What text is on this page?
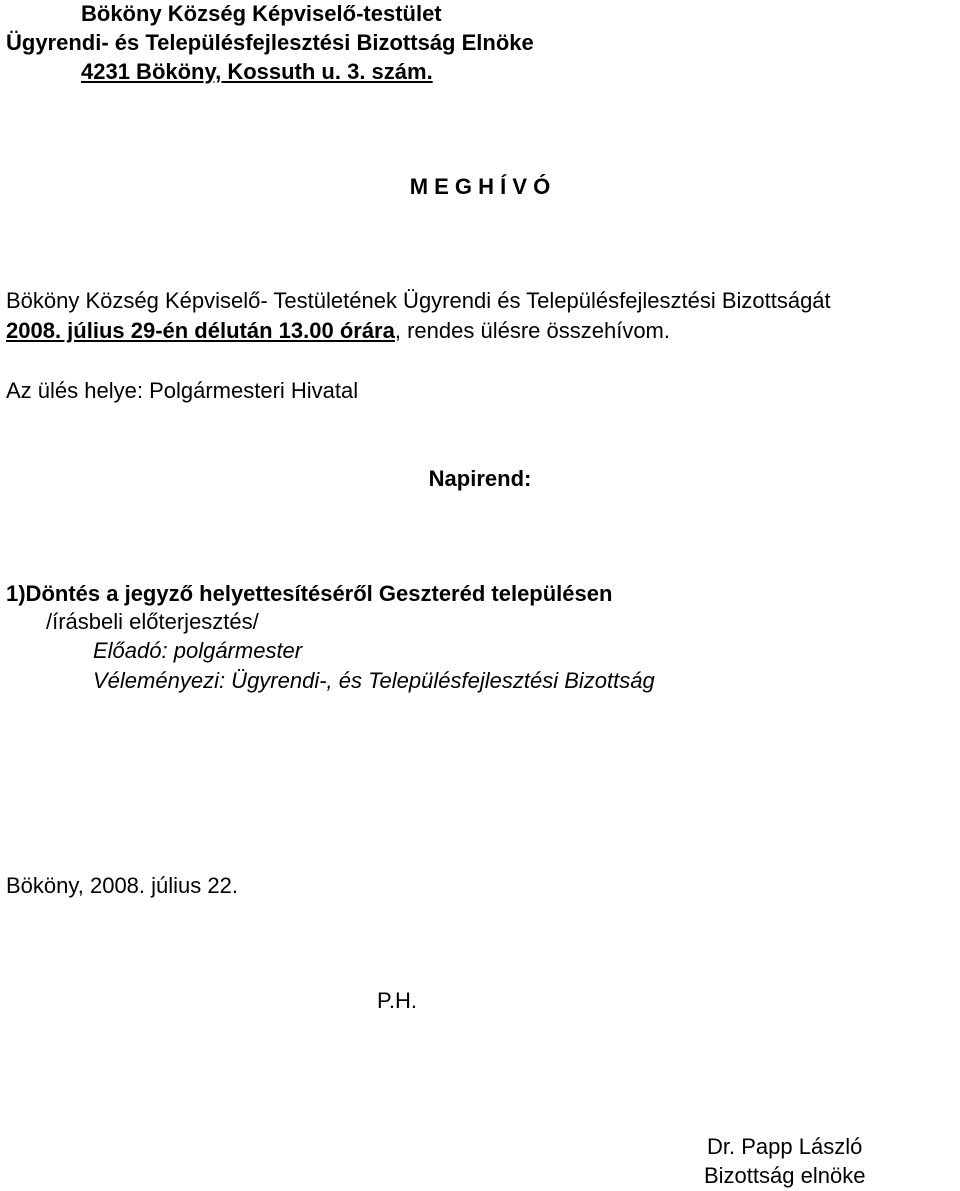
Bököny Község Képviselő-testület
Ügyrendi- és Településfejlesztési Bizottság Elnöke
4231 Bököny, Kossuth u. 3. szám.
M E G H Í V Ó
Bököny Község Képviselő- Testületének Ügyrendi és Településfejlesztési Bizottságát
2008. július 29-én délután 13.00 órára, rendes ülésre összehívom.
Az ülés helye: Polgármesteri Hivatal
Napirend:
1)Döntés a jegyző helyettesítéséről Geszteréd településen
/írásbeli előterjesztés/
Előadó: polgármester
Véleményezi: Ügyrendi-, és Településfejlesztési Bizottság
Bököny, 2008. július 22.
P.H.
Dr. Papp László
Bizottság elnöke
